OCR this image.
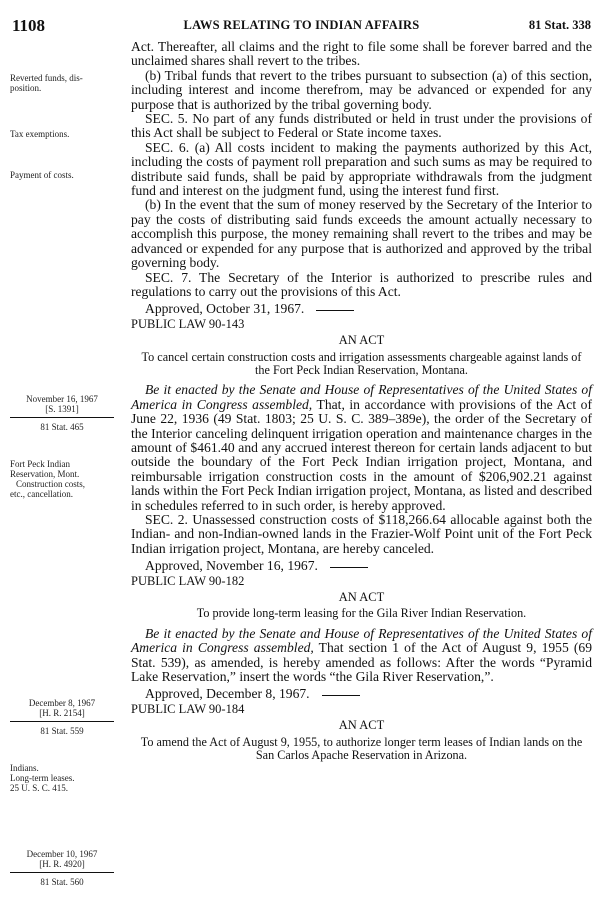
1108	LAWS RELATING TO INDIAN AFFAIRS	81 Stat. 338
Reverted funds, dis-
position.
Tax exemptions.
Payment of costs.
November 16, 1967
[S. 1391]
81 Stat. 465
Fort Peck Indian
Reservation, Mont.
Construction costs,
etc., cancellation.
December 8, 1967
[H. R. 2154]
81 Stat. 559
Indians.
Long-term leases.
25 U. S. C. 415.
December 10, 1967
[H. R. 4920]
81 Stat. 560

Act. Thereafter, all claims and the right to file some shall be forever barred and the unclaimed shares shall revert to the tribes.

(b) Tribal funds that revert to the tribes pursuant to subsection (a) of this section, including interest and income therefrom, may be advanced or expended for any purpose that is authorized by the tribal governing body.

SEC. 5. No part of any funds distributed or held in trust under the provisions of this Act shall be subject to Federal or State income taxes.

SEC. 6. (a) All costs incident to making the payments authorized by this Act, including the costs of payment roll preparation and such sums as may be required to distribute said funds, shall be paid by appropriate withdrawals from the judgment fund and interest on the judgment fund, using the interest fund first.

(b) In the event that the sum of money reserved by the Secretary of the Interior to pay the costs of distributing said funds exceeds the amount actually necessary to accomplish this purpose, the money remaining shall revert to the tribes and may be advanced or expended for any purpose that is authorized and approved by the tribal governing body.

SEC. 7. The Secretary of the Interior is authorized to prescribe rules and regulations to carry out the provisions of this Act.

Approved, October 31, 1967.

PUBLIC LAW 90-143

AN ACT
To cancel certain construction costs and irrigation assessments chargeable against lands of the Fort Peck Indian Reservation, Montana.

Be it enacted by the Senate and House of Representatives of the United States of America in Congress assembled, That, in accordance with provisions of the Act of June 22, 1936 (49 Stat. 1803; 25 U. S. C. 389–389e), the order of the Secretary of the Interior canceling delinquent irrigation operation and maintenance charges in the amount of $461.40 and any accrued interest thereon for certain lands adjacent to but outside the boundary of the Fort Peck Indian irrigation project, Montana, and reimbursable irrigation construction costs in the amount of $206,902.21 against lands within the Fort Peck Indian irrigation project, Montana, as listed and described in schedules referred to in such order, is hereby approved.

SEC. 2. Unassessed construction costs of $118,266.64 allocable against both the Indian- and non-Indian-owned lands in the Frazier-Wolf Point unit of the Fort Peck Indian irrigation project, Montana, are hereby canceled.

Approved, November 16, 1967.

PUBLIC LAW 90-182

AN ACT
To provide long-term leasing for the Gila River Indian Reservation.

Be it enacted by the Senate and House of Representatives of the United States of America in Congress assembled, That section 1 of the Act of August 9, 1955 (69 Stat. 539), as amended, is hereby amended as follows: After the words “Pyramid Lake Reservation,” insert the words “the Gila River Reservation,”.

Approved, December 8, 1967.

PUBLIC LAW 90-184

AN ACT
To amend the Act of August 9, 1955, to authorize longer term leases of Indian lands on the San Carlos Apache Reservation in Arizona.
